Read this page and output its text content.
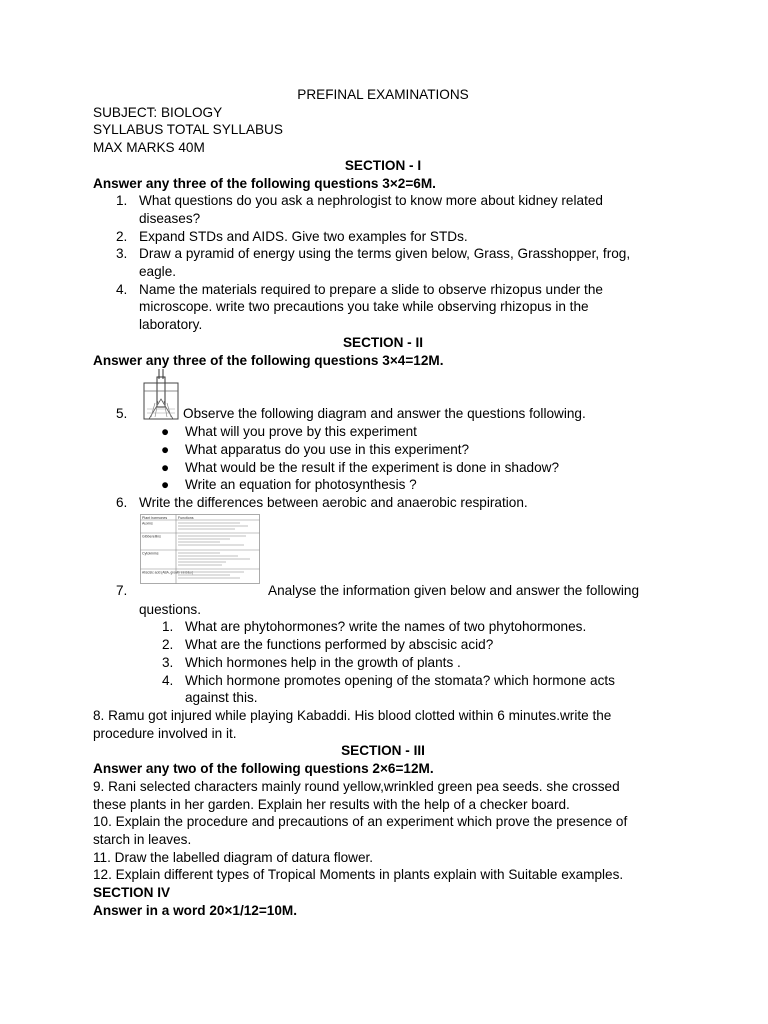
PREFINAL EXAMINATIONS
SUBJECT: BIOLOGY
SYLLABUS TOTAL SYLLABUS
MAX MARKS 40M
SECTION - I
Answer any three of the following questions 3×2=6M.
1. What questions do you ask a nephrologist to know more about kidney related
diseases?
2. Expand STDs and AIDS. Give two examples for STDs.
3. Draw a pyramid of energy using the terms given below, Grass, Grasshopper, frog,
eagle.
4. Name the materials required to prepare a slide to observe rhizopus under the
microscope. write two precautions you take while observing rhizopus in the
laboratory.
SECTION - II
Answer any three of the following questions 3×4=12M.
5.	Observe the following diagram and answer the questions following.
● What will you prove by this experiment
● What apparatus do you use in this experiment?
● What would be the result if the experiment is done in shadow?
● Write an equation for photosynthesis ?
6. Write the differences between aerobic and anaerobic respiration.
7.
Plant hormones	Functions
Auxins
Gibberellins
Cytokinins
Abscisic acid (ABA, growth inhibitor)
Analyse the information given below and answer the following
questions.
1. What are phytohormones? write the names of two phytohormones.
2. What are the functions performed by abscisic acid?
3. Which hormones help in the growth of plants .
4. Which hormone promotes opening of the stomata? which hormone acts
against this.
8. Ramu got injured while playing Kabaddi. His blood clotted within 6 minutes.write the
procedure involved in it.
SECTION - III
Answer any two of the following questions 2×6=12M.
9. Rani selected characters mainly round yellow,wrinkled green pea seeds. she crossed
these plants in her garden. Explain her results with the help of a checker board.
10. Explain the procedure and precautions of an experiment which prove the presence of
starch in leaves.
11. Draw the labelled diagram of datura flower.
12. Explain different types of Tropical Moments in plants explain with Suitable examples.
SECTION IV
Answer in a word 20×1/12=10M.
